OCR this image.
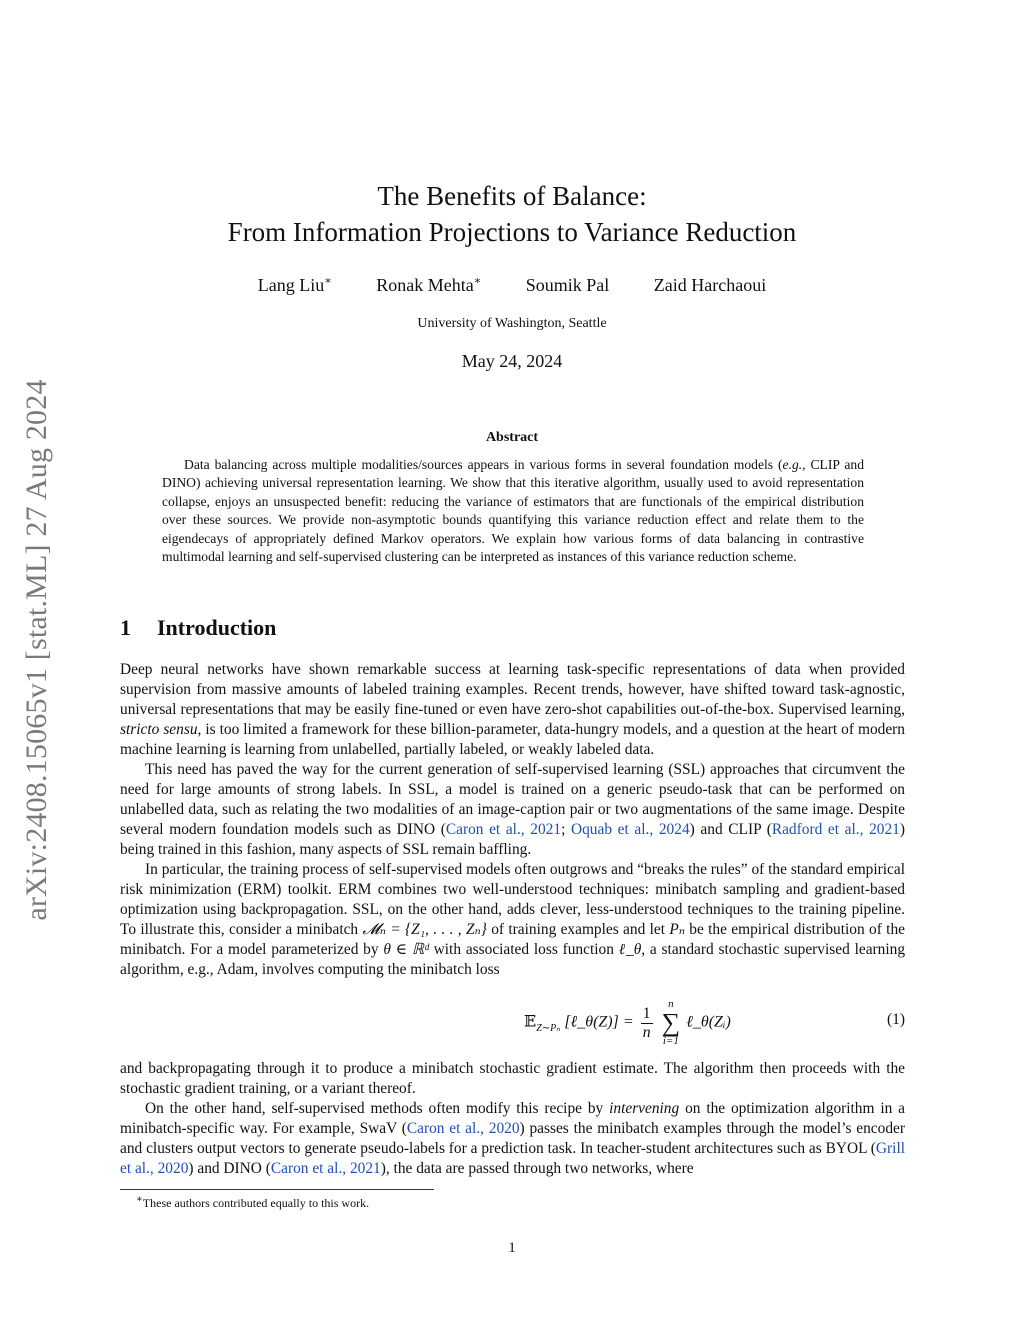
arXiv:2408.15065v1 [stat.ML] 27 Aug 2024
The Benefits of Balance:
From Information Projections to Variance Reduction
Lang Liu∗ Ronak Mehta∗ Soumik Pal Zaid Harchaoui
University of Washington, Seattle
May 24, 2024
Abstract
Data balancing across multiple modalities/sources appears in various forms in several foundation models (e.g., CLIP and DINO) achieving universal representation learning. We show that this iterative algorithm, usually used to avoid representation collapse, enjoys an unsuspected benefit: reducing the variance of estimators that are functionals of the empirical distribution over these sources. We provide non-asymptotic bounds quantifying this variance reduction effect and relate them to the eigendecays of appropriately defined Markov operators. We explain how various forms of data balancing in contrastive multimodal learning and self-supervised clustering can be interpreted as instances of this variance reduction scheme.
1 Introduction

Deep neural networks have shown remarkable success at learning task-specific representations of data when provided supervision from massive amounts of labeled training examples. Recent trends, however, have shifted toward task-agnostic, universal representations that may be easily fine-tuned or even have zero-shot capabilities out-of-the-box. Supervised learning, stricto sensu, is too limited a framework for these billion-parameter, data-hungry models, and a question at the heart of modern machine learning is learning from unlabelled, partially labeled, or weakly labeled data.

This need has paved the way for the current generation of self-supervised learning (SSL) approaches that circumvent the need for large amounts of strong labels. In SSL, a model is trained on a generic pseudo-task that can be performed on unlabelled data, such as relating the two modalities of an image-caption pair or two augmentations of the same image. Despite several modern foundation models such as DINO (Caron et al., 2021; Oquab et al., 2024) and CLIP (Radford et al., 2021) being trained in this fashion, many aspects of SSL remain baffling.

In particular, the training process of self-supervised models often outgrows and “breaks the rules” of the standard empirical risk minimization (ERM) toolkit. ERM combines two well-understood techniques: minibatch sampling and gradient-based optimization using backpropagation. SSL, on the other hand, adds clever, less-understood techniques to the training pipeline. To illustrate this, consider a minibatch 𝓜ₙ = {Z₁, . . . , Zₙ} of training examples and let Pₙ be the empirical distribution of the minibatch. For a model parameterized by θ ∈ ℝᵈ with associated loss function ℓ_θ, a standard stochastic supervised learning algorithm, e.g., Adam, involves computing the minibatch loss

𝔼$_{Z\sim P_n}$ [ℓ_θ(Z)] = $\frac{1}{n}$

n
∑
i=1
ℓ_θ(Zᵢ)	(1)

and backpropagating through it to produce a minibatch stochastic gradient estimate. The algorithm then proceeds with the stochastic gradient training, or a variant thereof.

On the other hand, self-supervised methods often modify this recipe by intervening on the optimization algorithm in a minibatch-specific way. For example, SwaV (Caron et al., 2020) passes the minibatch examples through the model’s encoder and clusters output vectors to generate pseudo-labels for a prediction task. In teacher-student architectures such as BYOL (Grill et al., 2020) and DINO (Caron et al., 2021), the data are passed through two networks, where

∗These authors contributed equally to this work.
1
